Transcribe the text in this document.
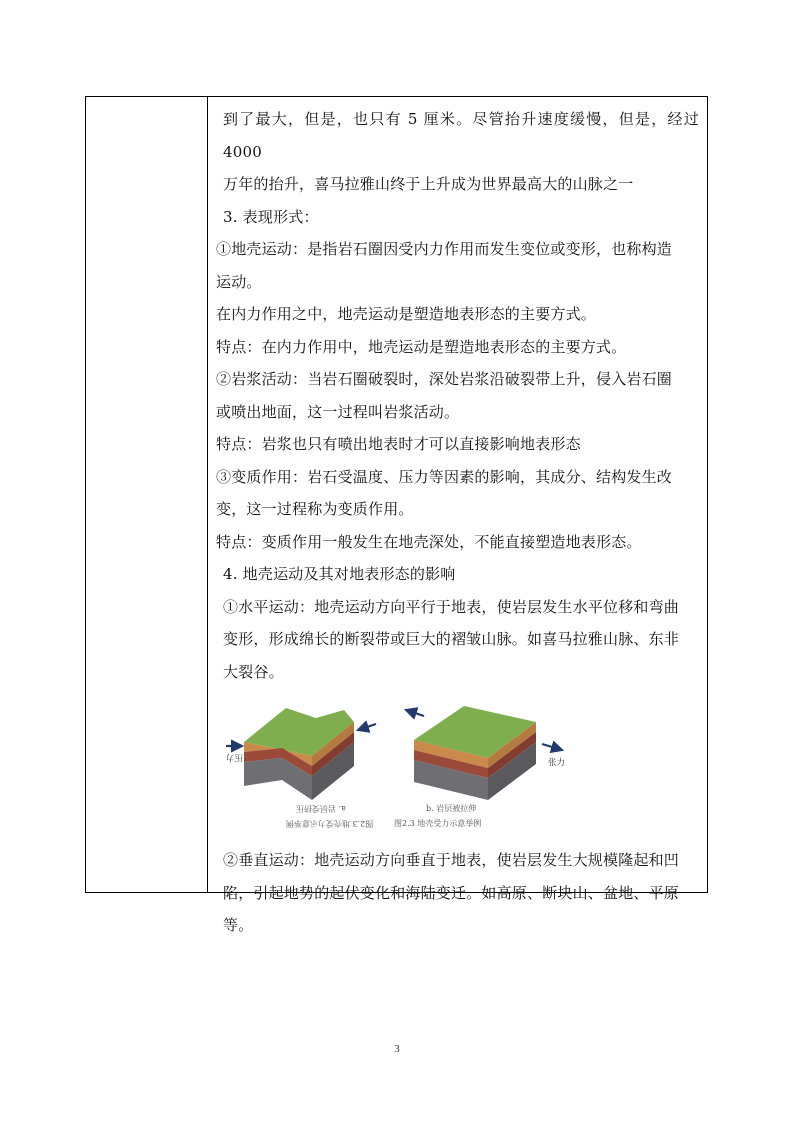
到了最大，但是，也只有 5 厘米。尽管抬升速度缓慢，但是，经过 4000

万年的抬升，喜马拉雅山终于上升成为世界最高大的山脉之一

3. 表现形式：

①地壳运动：是指岩石圈因受内力作用而发生变位或变形，也称构造

运动。

在内力作用之中，地壳运动是塑造地表形态的主要方式。

特点：在内力作用中，地壳运动是塑造地表形态的主要方式。

②岩浆活动：当岩石圈破裂时，深处岩浆沿破裂带上升，侵入岩石圈

或喷出地面，这一过程叫岩浆活动。

特点：岩浆也只有喷出地表时才可以直接影响地表形态

③变质作用：岩石受温度、压力等因素的影响，其成分、结构发生改

变，这一过程称为变质作用。

特点：变质作用一般发生在地壳深处，不能直接塑造地表形态。

4. 地壳运动及其对地表形态的影响

①水平运动：地壳运动方向平行于地表，使岩层发生水平位移和弯曲

变形，形成绵长的断裂带或巨大的褶皱山脉。如喜马拉雅山脉、东非

大裂谷。

压力
张力
a. 岩层受挤压	b. 岩层被拉伸
图2.3 地壳受力示意举例	图2.3 地壳受力示意举例

②垂直运动：地壳运动方向垂直于地表，使岩层发生大规模隆起和凹

陷，引起地势的起伏变化和海陆变迁。如高原、断块山、盆地、平原

等。

3
